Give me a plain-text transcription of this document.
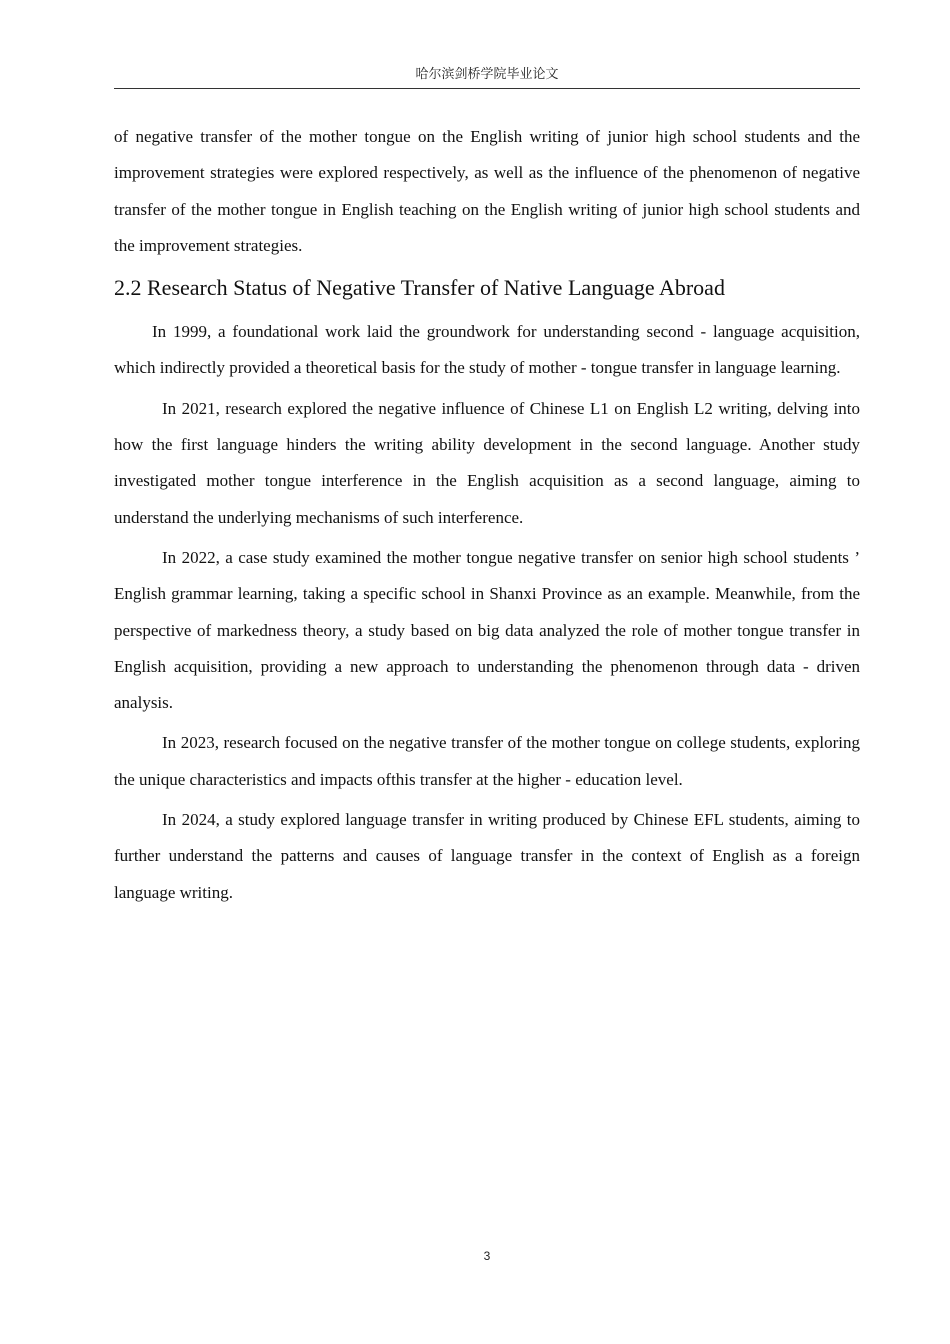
哈尔滨剑桥学院毕业论文

of negative transfer of the mother tongue on the English writing of junior high school students and the improvement strategies were explored respectively, as well as the influence of the phenomenon of negative transfer of the mother tongue in English teaching on the English writing of junior high school students and the improvement strategies.

2.2 Research Status of Negative Transfer of Native Language Abroad

In 1999, a foundational work laid the groundwork for understanding second - language acquisition, which indirectly provided a theoretical basis for the study of mother - tongue transfer in language learning.

In 2021, research explored the negative influence of Chinese L1 on English L2 writing, delving into how the first language hinders the writing ability development in the second language. Another study investigated mother tongue interference in the English acquisition as a second language, aiming to understand the underlying mechanisms of such interference.

In 2022, a case study examined the mother tongue negative transfer on senior high school students ’ English grammar learning, taking a specific school in Shanxi Province as an example. Meanwhile, from the perspective of markedness theory, a study based on big data analyzed the role of mother tongue transfer in English acquisition, providing a new approach to understanding the phenomenon through data - driven analysis.

In 2023, research focused on the negative transfer of the mother tongue on college students, exploring the unique characteristics and impacts ofthis transfer at the higher - education level.

In 2024, a study explored language transfer in writing produced by Chinese EFL students, aiming to further understand the patterns and causes of language transfer in the context of English as a foreign language writing.

3
